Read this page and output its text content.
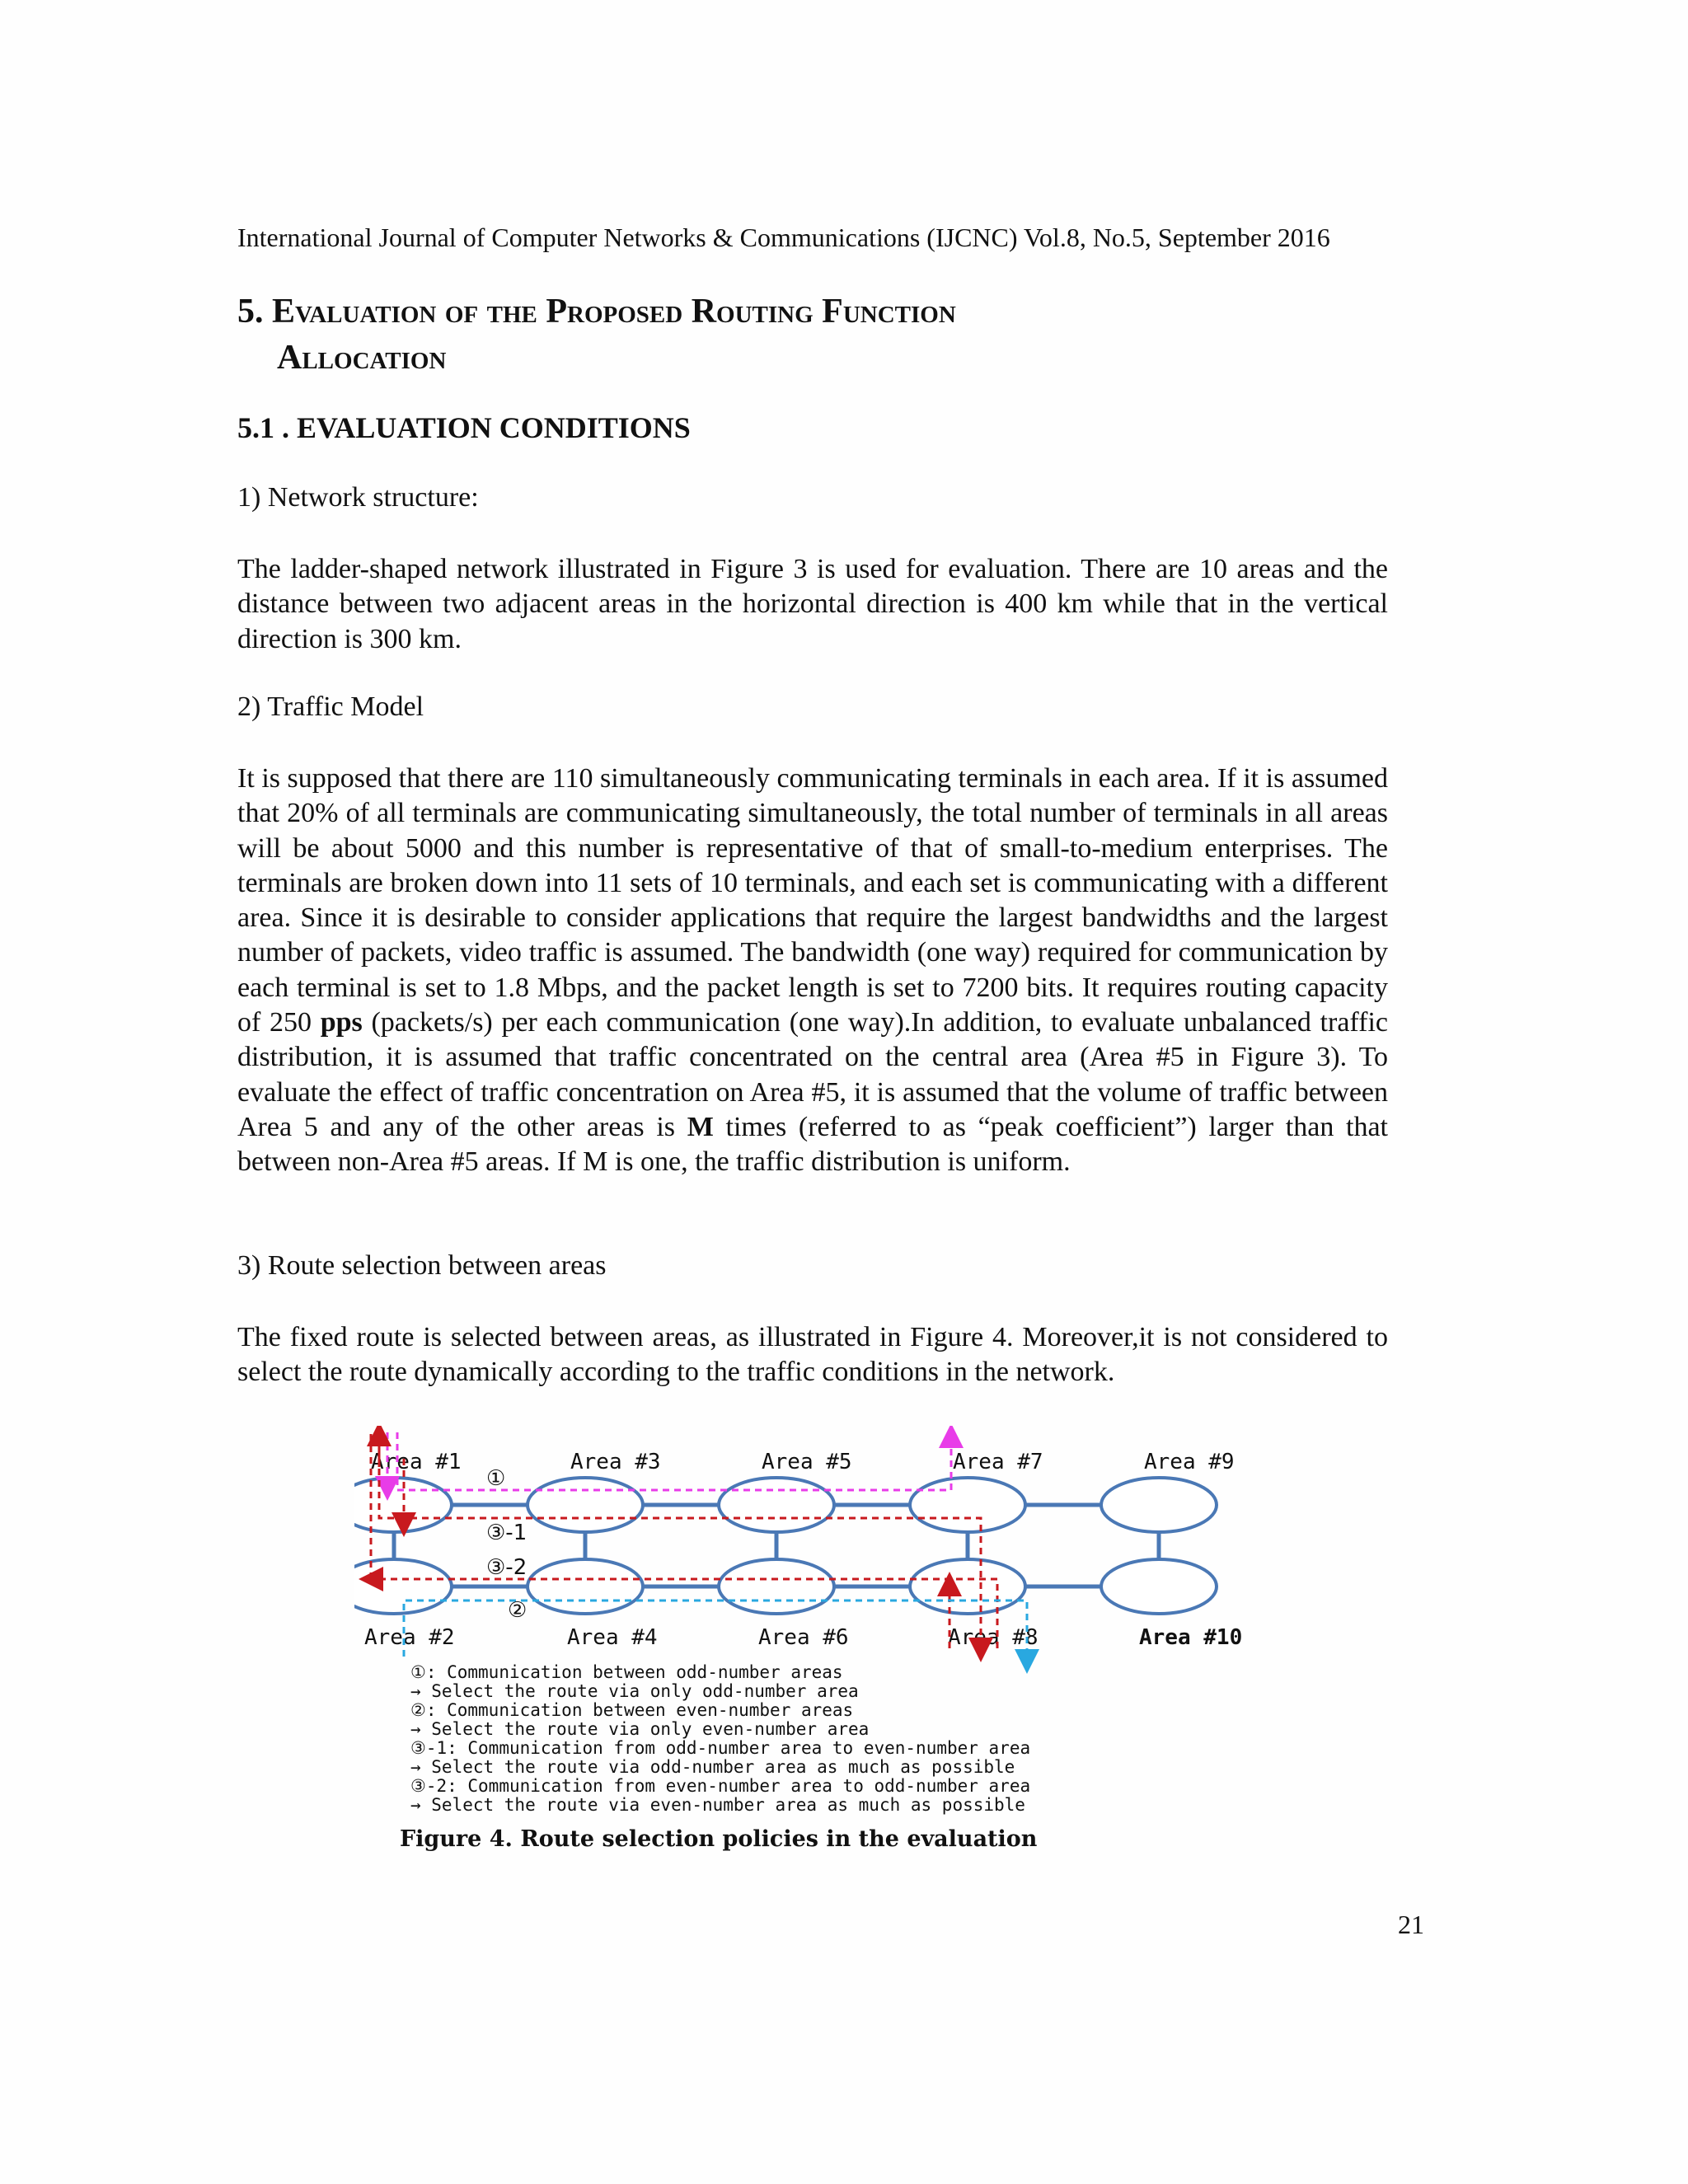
International Journal of Computer Networks & Communications (IJCNC) Vol.8, No.5, September 2016
5. Evaluation of the Proposed Routing Function
Allocation
5.1 . EVALUATION CONDITIONS
1) Network structure:

The ladder-shaped network illustrated in Figure 3 is used for evaluation. There are 10 areas and the distance between two adjacent areas in the horizontal direction is 400 km while that in the vertical direction is 300 km.

2) Traffic Model

It is supposed that there are 110 simultaneously communicating terminals in each area. If it is assumed that 20% of all terminals are communicating simultaneously, the total number of terminals in all areas will be about 5000 and this number is representative of that of small-to-medium enterprises. The terminals are broken down into 11 sets of 10 terminals, and each set is communicating with a different area. Since it is desirable to consider applications that require the largest bandwidths and the largest number of packets, video traffic is assumed. The bandwidth (one way) required for communication by each terminal is set to 1.8 Mbps, and the packet length is set to 7200 bits. It requires routing capacity of 250 pps (packets/s) per each communication (one way).In addition, to evaluate unbalanced traffic distribution, it is assumed that traffic concentrated on the central area (Area #5 in Figure 3). To evaluate the effect of traffic concentration on Area #5, it is assumed that the volume of traffic between Area 5 and any of the other areas is M times (referred to as “peak coefficient”) larger than that between non-Area #5 areas. If M is one, the traffic distribution is uniform.

3) Route selection between areas

The fixed route is selected between areas, as illustrated in Figure 4. Moreover,it is not considered to select the route dynamically according to the traffic conditions in the network.

Area #1	Area #3	Area #5	Area #7	Area #9
Area #2	Area #4	Area #6	Area #8	Area #10
①
③-1
③-2
②
①: Communication between odd-number areas
→ Select the route via only odd-number area
②: Communication between even-number areas
→ Select the route via only even-number area
③-1: Communication from odd-number area to even-number area
→ Select the route via odd-number area as much as possible
③-2: Communication from even-number area to odd-number area
→ Select the route via even-number area as much as possible
Figure 4. Route selection policies in the evaluation
21
